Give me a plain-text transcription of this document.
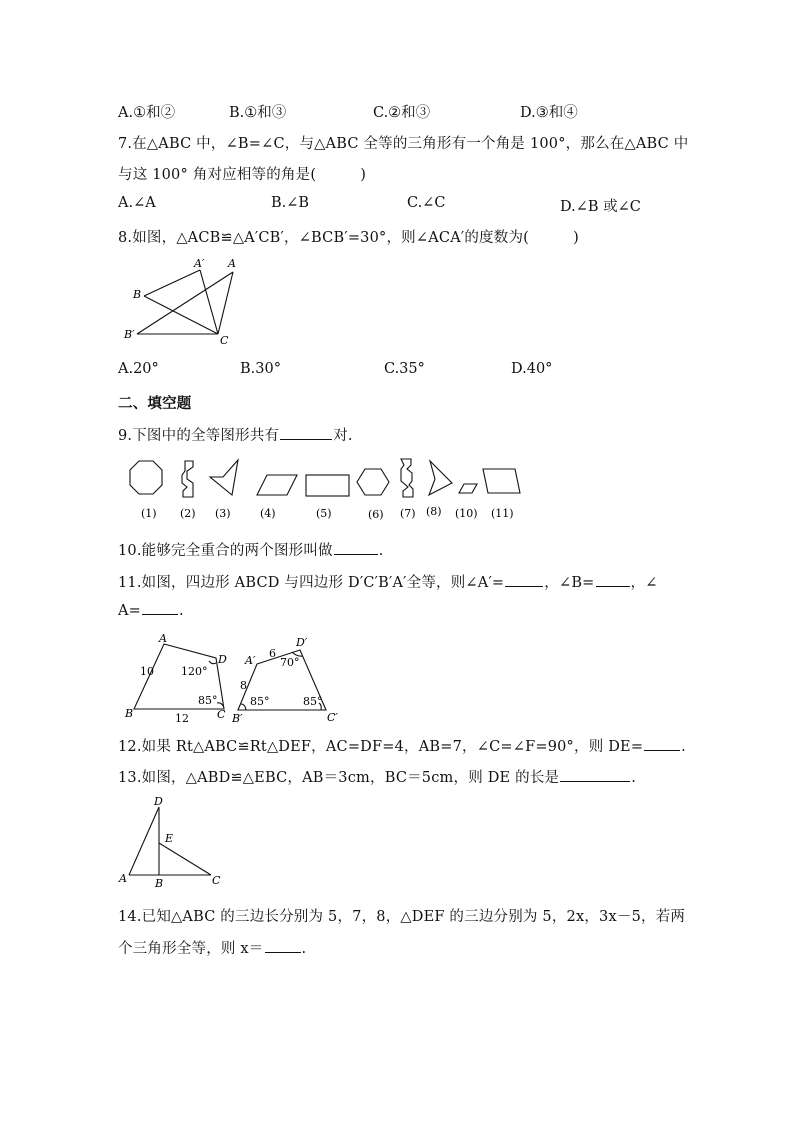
A.①和②	B.①和③	C.②和③	D.③和④
7.在△ABC 中，∠B=∠C，与△ABC 全等的三角形有一个角是 100°，那么在△ABC 中
与这 100° 角对应相等的角是(　　　)
A.∠A	B.∠B	C.∠C	D.∠B 或∠C
8.如图，△ACB≌△A′CB′，∠BCB′=30°，则∠ACA′的度数为(　　　)
A′ A
B
B′	C
A.20°	B.30°	C.35°	D.40°
二、填空题
9.下图中的全等图形共有	对.
(1) (2) (3)	(4)	(5)	(6) (7) (8) (10) (11)
10.能够完全重合的两个图形叫做	.
11.如图，四边形 ABCD 与四边形 D′C′B′A′全等，则∠A′=	，∠B= ，∠
A=	.
A
D
B	C
10
12
120°
85°
D′
A′
B′	C′
6
8
70°
85°	85°
12.如果 Rt△ABC≌Rt△DEF，AC=DF=4，AB=7，∠C=∠F=90°，则 DE=	.
13.如图，△ABD≌△EBC，AB＝3cm，BC＝5cm，则 DE 的长是	.
D
E
A	B	C
14.已知△ABC 的三边长分别为 5，7，8，△DEF 的三边分别为 5，2x，3x－5，若两
个三角形全等，则 x＝	.
